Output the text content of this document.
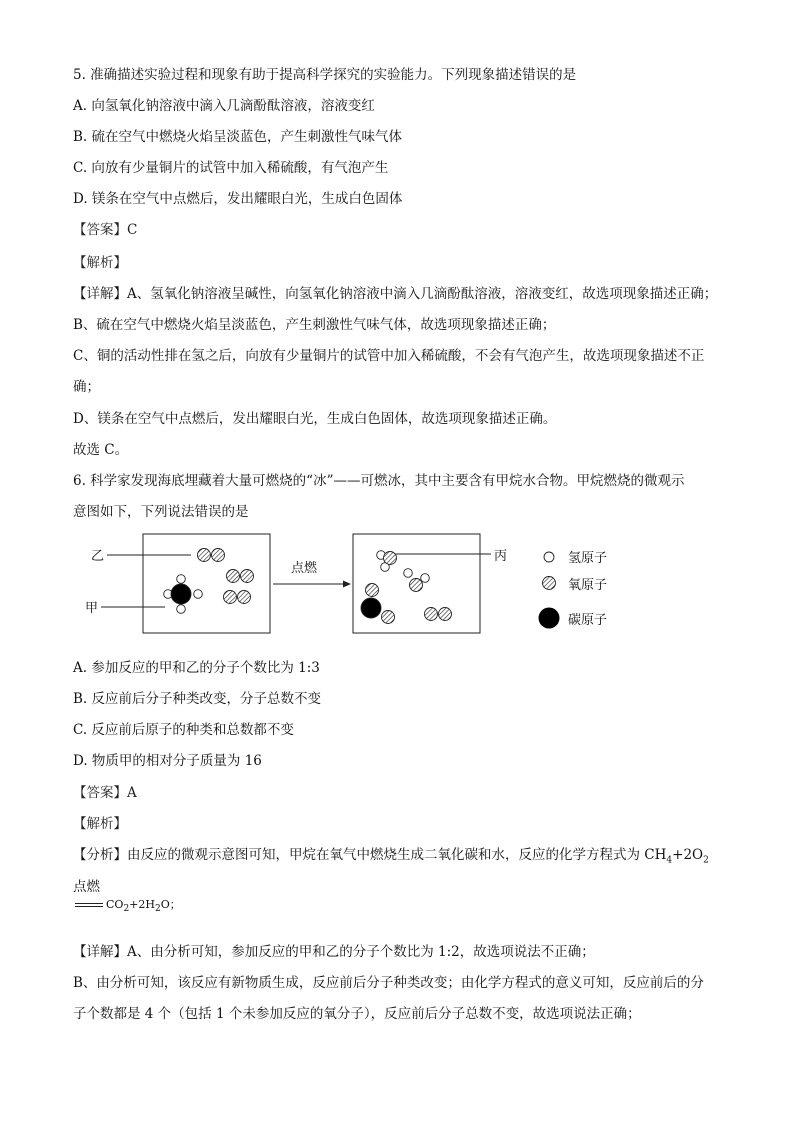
5. 准确描述实验过程和现象有助于提高科学探究的实验能力。下列现象描述错误的是
A. 向氢氧化钠溶液中滴入几滴酚酞溶液，溶液变红
B. 硫在空气中燃烧火焰呈淡蓝色，产生刺激性气味气体
C. 向放有少量铜片的试管中加入稀硫酸，有气泡产生
D. 镁条在空气中点燃后，发出耀眼白光，生成白色固体
【答案】C
【解析】
【详解】A、氢氧化钠溶液呈碱性，向氢氧化钠溶液中滴入几滴酚酞溶液，溶液变红，故选项现象描述正确；
B、硫在空气中燃烧火焰呈淡蓝色，产生刺激性气味气体，故选项现象描述正确；
C、铜的活动性排在氢之后，向放有少量铜片的试管中加入稀硫酸，不会有气泡产生，故选项现象描述不正
确；
D、镁条在空气中点燃后，发出耀眼白光，生成白色固体，故选项现象描述正确。
故选 C。
6. 科学家发现海底埋藏着大量可燃烧的“冰”——可燃冰，其中主要含有甲烷水合物。甲烷燃烧的微观示
意图如下，下列说法错误的是
乙
甲
点燃
丙	氢原子
氧原子
碳原子
A. 参加反应的甲和乙的分子个数比为 1:3
B. 反应前后分子种类改变，分子总数不变
C. 反应前后原子的种类和总数都不变
D. 物质甲的相对分子质量为 16
【答案】A
【解析】
【分析】由反应的微观示意图可知，甲烷在氧气中燃烧生成二氧化碳和水，反应的化学方程式为 $CH_4+2O_2$
点燃
$CO_2+2H_2O$；
【详解】A、由分析可知，参加反应的甲和乙的分子个数比为 1:2，故选项说法不正确；
B、由分析可知，该反应有新物质生成，反应前后分子种类改变；由化学方程式的意义可知，反应前后的分
子个数都是 4 个（包括 1 个未参加反应的氧分子），反应前后分子总数不变，故选项说法正确；
